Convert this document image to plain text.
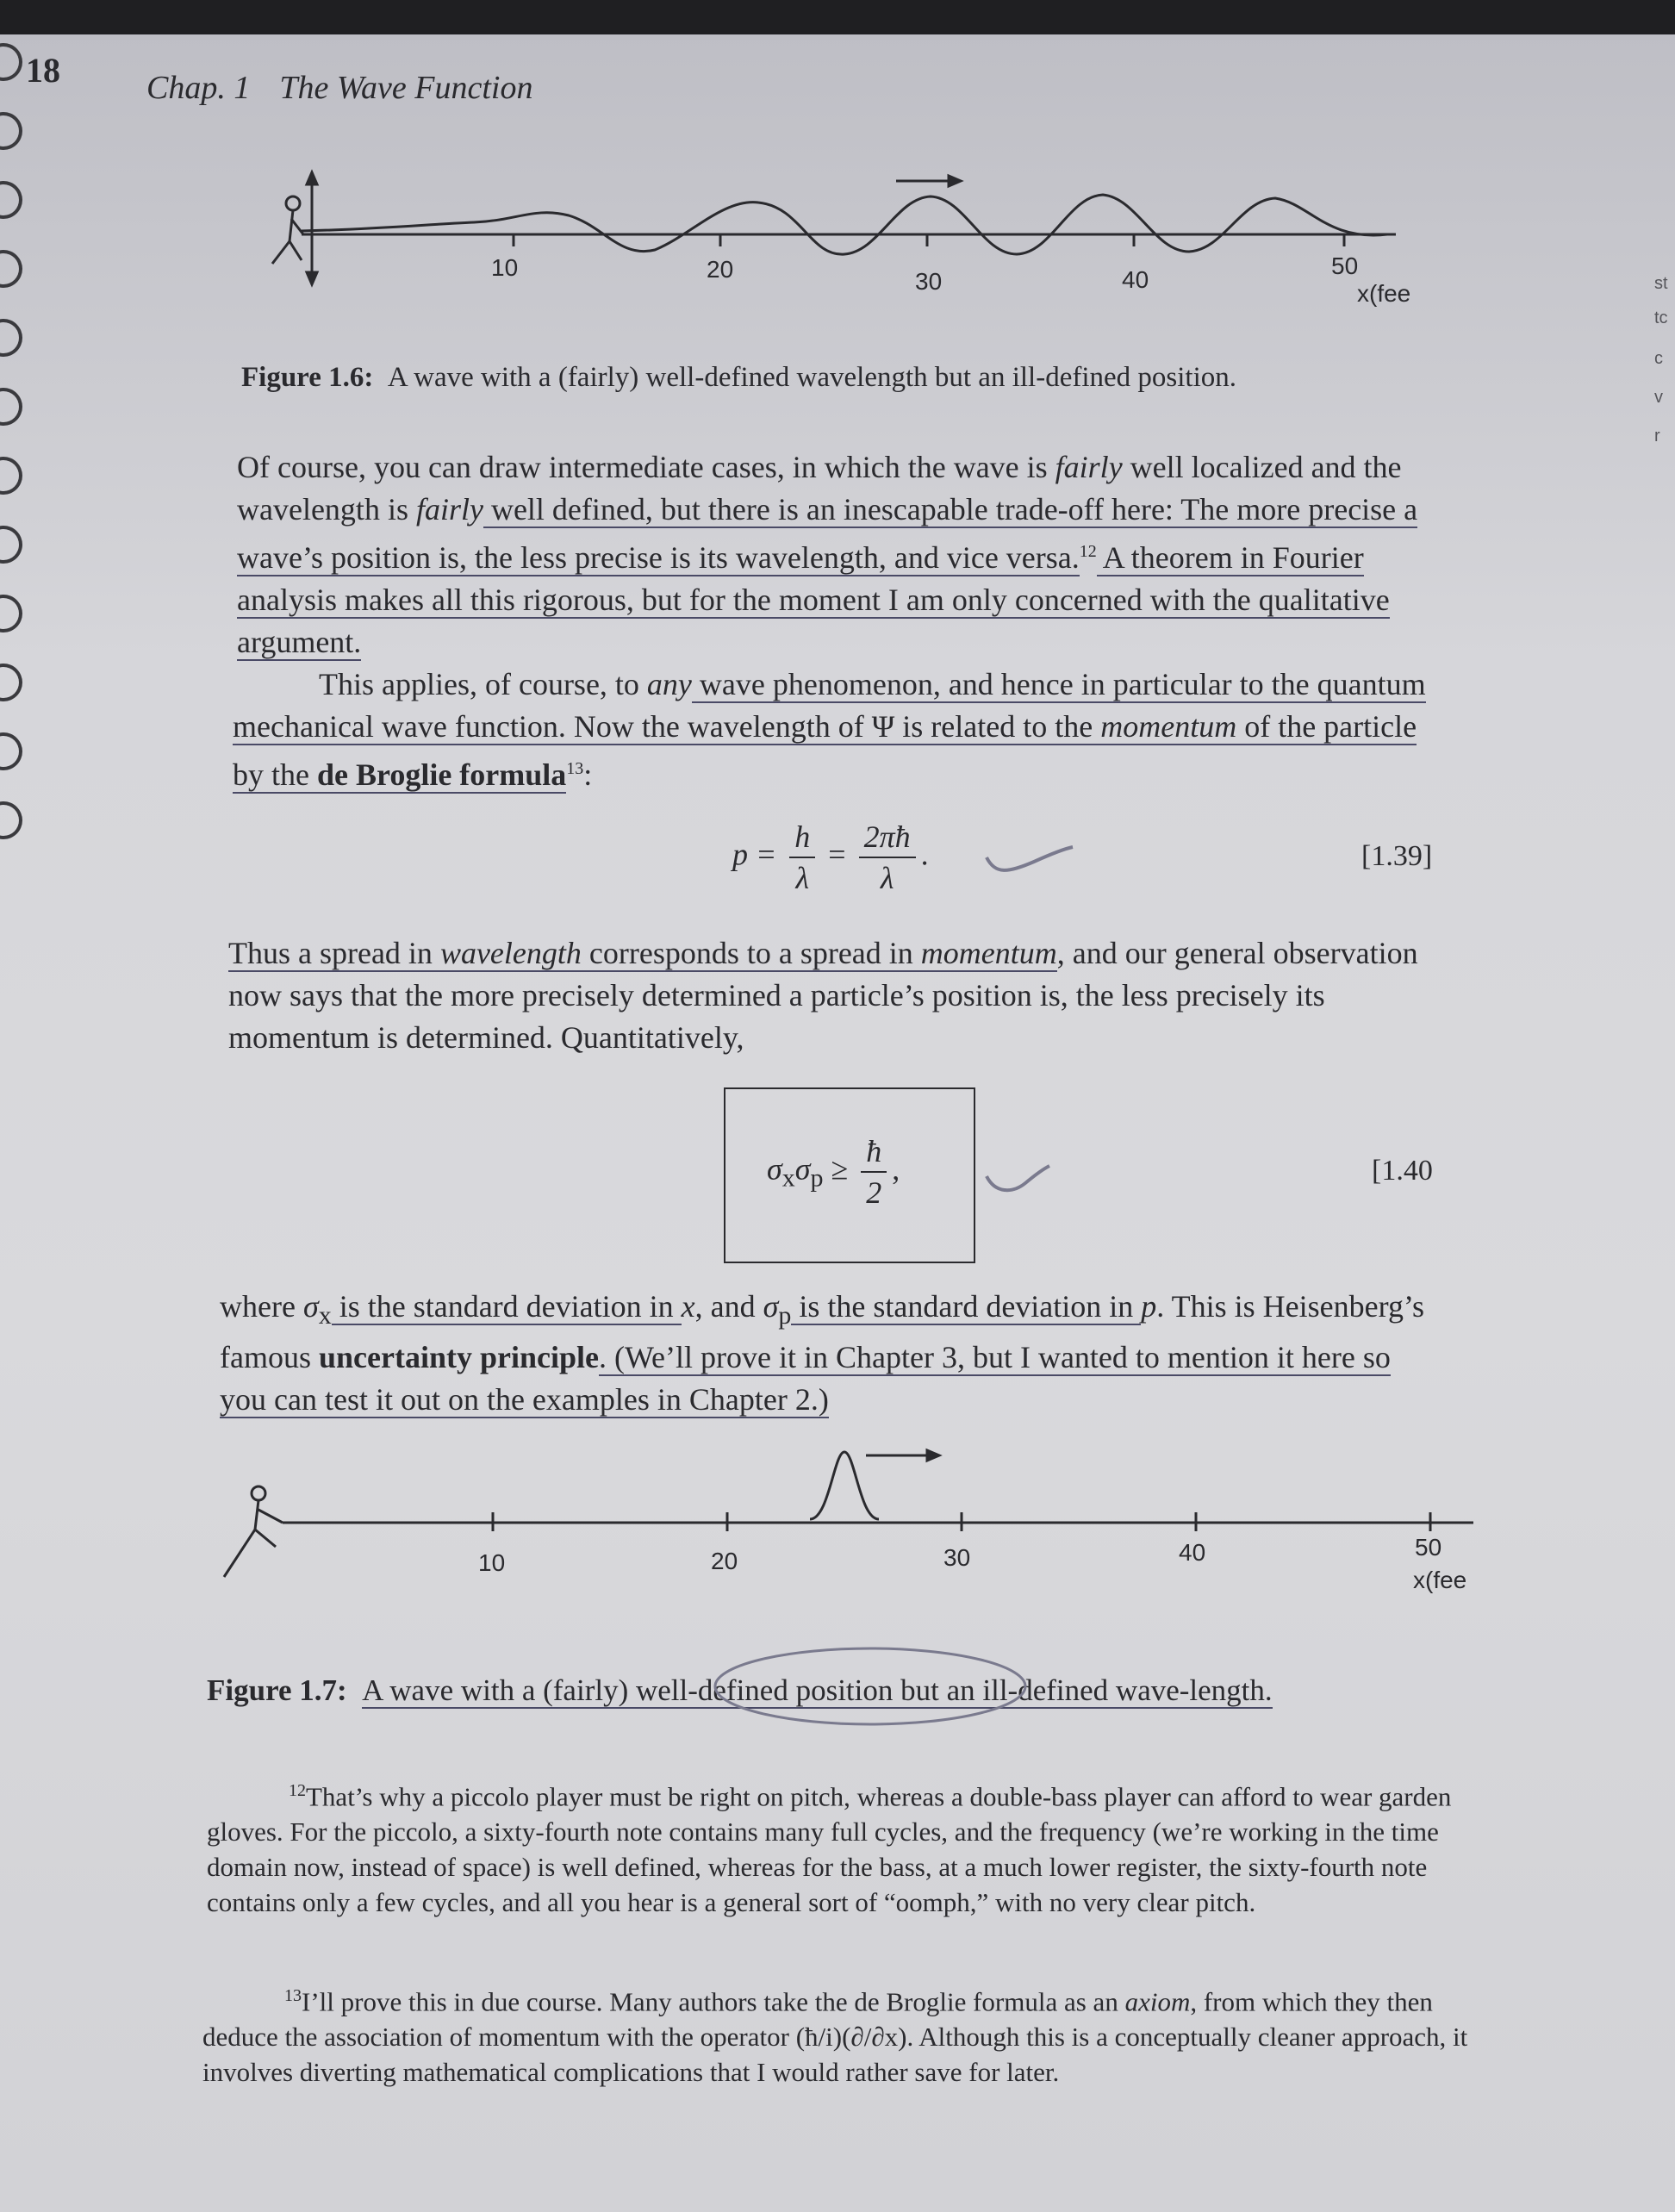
18	Chap. 1 The Wave Function
st
tc
c
v
r
10	20	30	40
50
x(fee
Figure 1.6: A wave with a (fairly) well-defined wavelength but an ill-defined position.
Of course, you can draw intermediate cases, in which the wave is fairly well localized and the wavelength is fairly well defined, but there is an inescapable trade-off here: The more precise a wave’s position is, the less precise is its wavelength, and vice versa.$^{12}$ A theorem in Fourier analysis makes all this rigorous, but for the moment I am only concerned with the qualitative argument.
This applies, of course, to any wave phenomenon, and hence in particular to the quantum mechanical wave function. Now the wavelength of Ψ is related to the momentum of the particle by the de Broglie formula$^{13}$:
$p = \frac{h}{\lambda} = \frac{2\pi ħ}{\lambda}$ .	[1.39]
Thus a spread in wavelength corresponds to a spread in momentum, and our general observation now says that the more precisely determined a particle’s position is, the less precisely its momentum is determined. Quantitatively,
$\sigma_x\sigma_p \ge \frac{ħ}{2}$ ,	[1.40
where $\sigma_x$ is the standard deviation in x, and $\sigma_p$ is the standard deviation in p. This is Heisenberg’s famous uncertainty principle. (We’ll prove it in Chapter 3, but I wanted to mention it here so you can test it out on the examples in Chapter 2.)
10	20	30	40	50
x(fee
Figure 1.7: A wave with a (fairly) well-defined position but an ill-defined wave-length.
$^{12}$That’s why a piccolo player must be right on pitch, whereas a double-bass player can afford to wear garden gloves. For the piccolo, a sixty-fourth note contains many full cycles, and the frequency (we’re working in the time domain now, instead of space) is well defined, whereas for the bass, at a much lower register, the sixty-fourth note contains only a few cycles, and all you hear is a general sort of “oomph,” with no very clear pitch.
$^{13}$I’ll prove this in due course. Many authors take the de Broglie formula as an axiom, from which they then deduce the association of momentum with the operator (ħ/i)(∂/∂x). Although this is a conceptually cleaner approach, it involves diverting mathematical complications that I would rather save for later.
